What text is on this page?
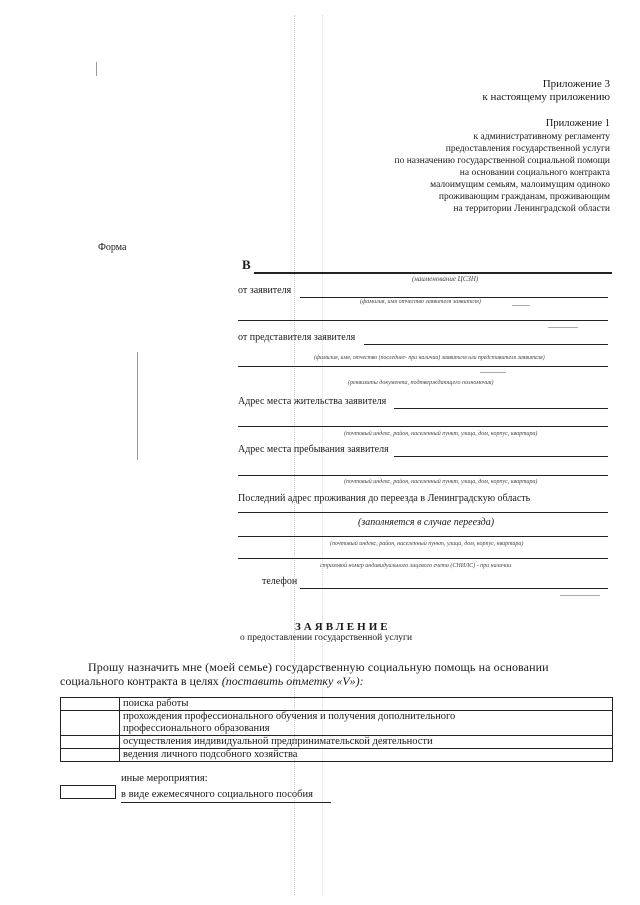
Приложение 3
к настоящему приложению
Приложение 1
к административному регламенту
предоставления государственной услуги
по назначению государственной социальной помощи
на основании социального контракта
малоимущим семьям, малоимущим одиноко
проживающим гражданам, проживающим
на территории Ленинградской области
Форма
В
(наименование ЦСЗН)
от заявителя
(фамилия, имя отчество заявителя заявителя)
от представителя заявителя
(фамилия, имя, отчество (последнее- при наличии) заявителя или представителя заявителя)
(реквизиты документа, подтверждающего полномочия)
Адрес места жительства заявителя
(почтовый индекс, район, населенный пункт, улица, дом, корпус, квартира)
Адрес места пребывания заявителя
(почтовый индекс, район, населенный пункт, улица, дом, корпус, квартира)
Последний адрес проживания до переезда в Ленинградскую область
(заполняется в случае переезда)
(почтовый индекс, район, населенный пункт, улица, дом, корпус, квартира)
страховой номер индивидуального лицевого счета (СНИЛС) - при наличии
телефон
ЗАЯВЛЕНИЕ
о предоставлении государственной услуги
Прошу назначить мне (моей семье) государственную социальную помощь на основании
социального контракта в целях (поставить отметку «V»):
	поиска работы

	прохождения профессионального обучения и получения дополнительного
профессионального образования

	осуществления индивидуальной предпринимательской деятельности
	ведения личного подсобного хозяйства
иные мероприятия:
в виде ежемесячного социального пособия
